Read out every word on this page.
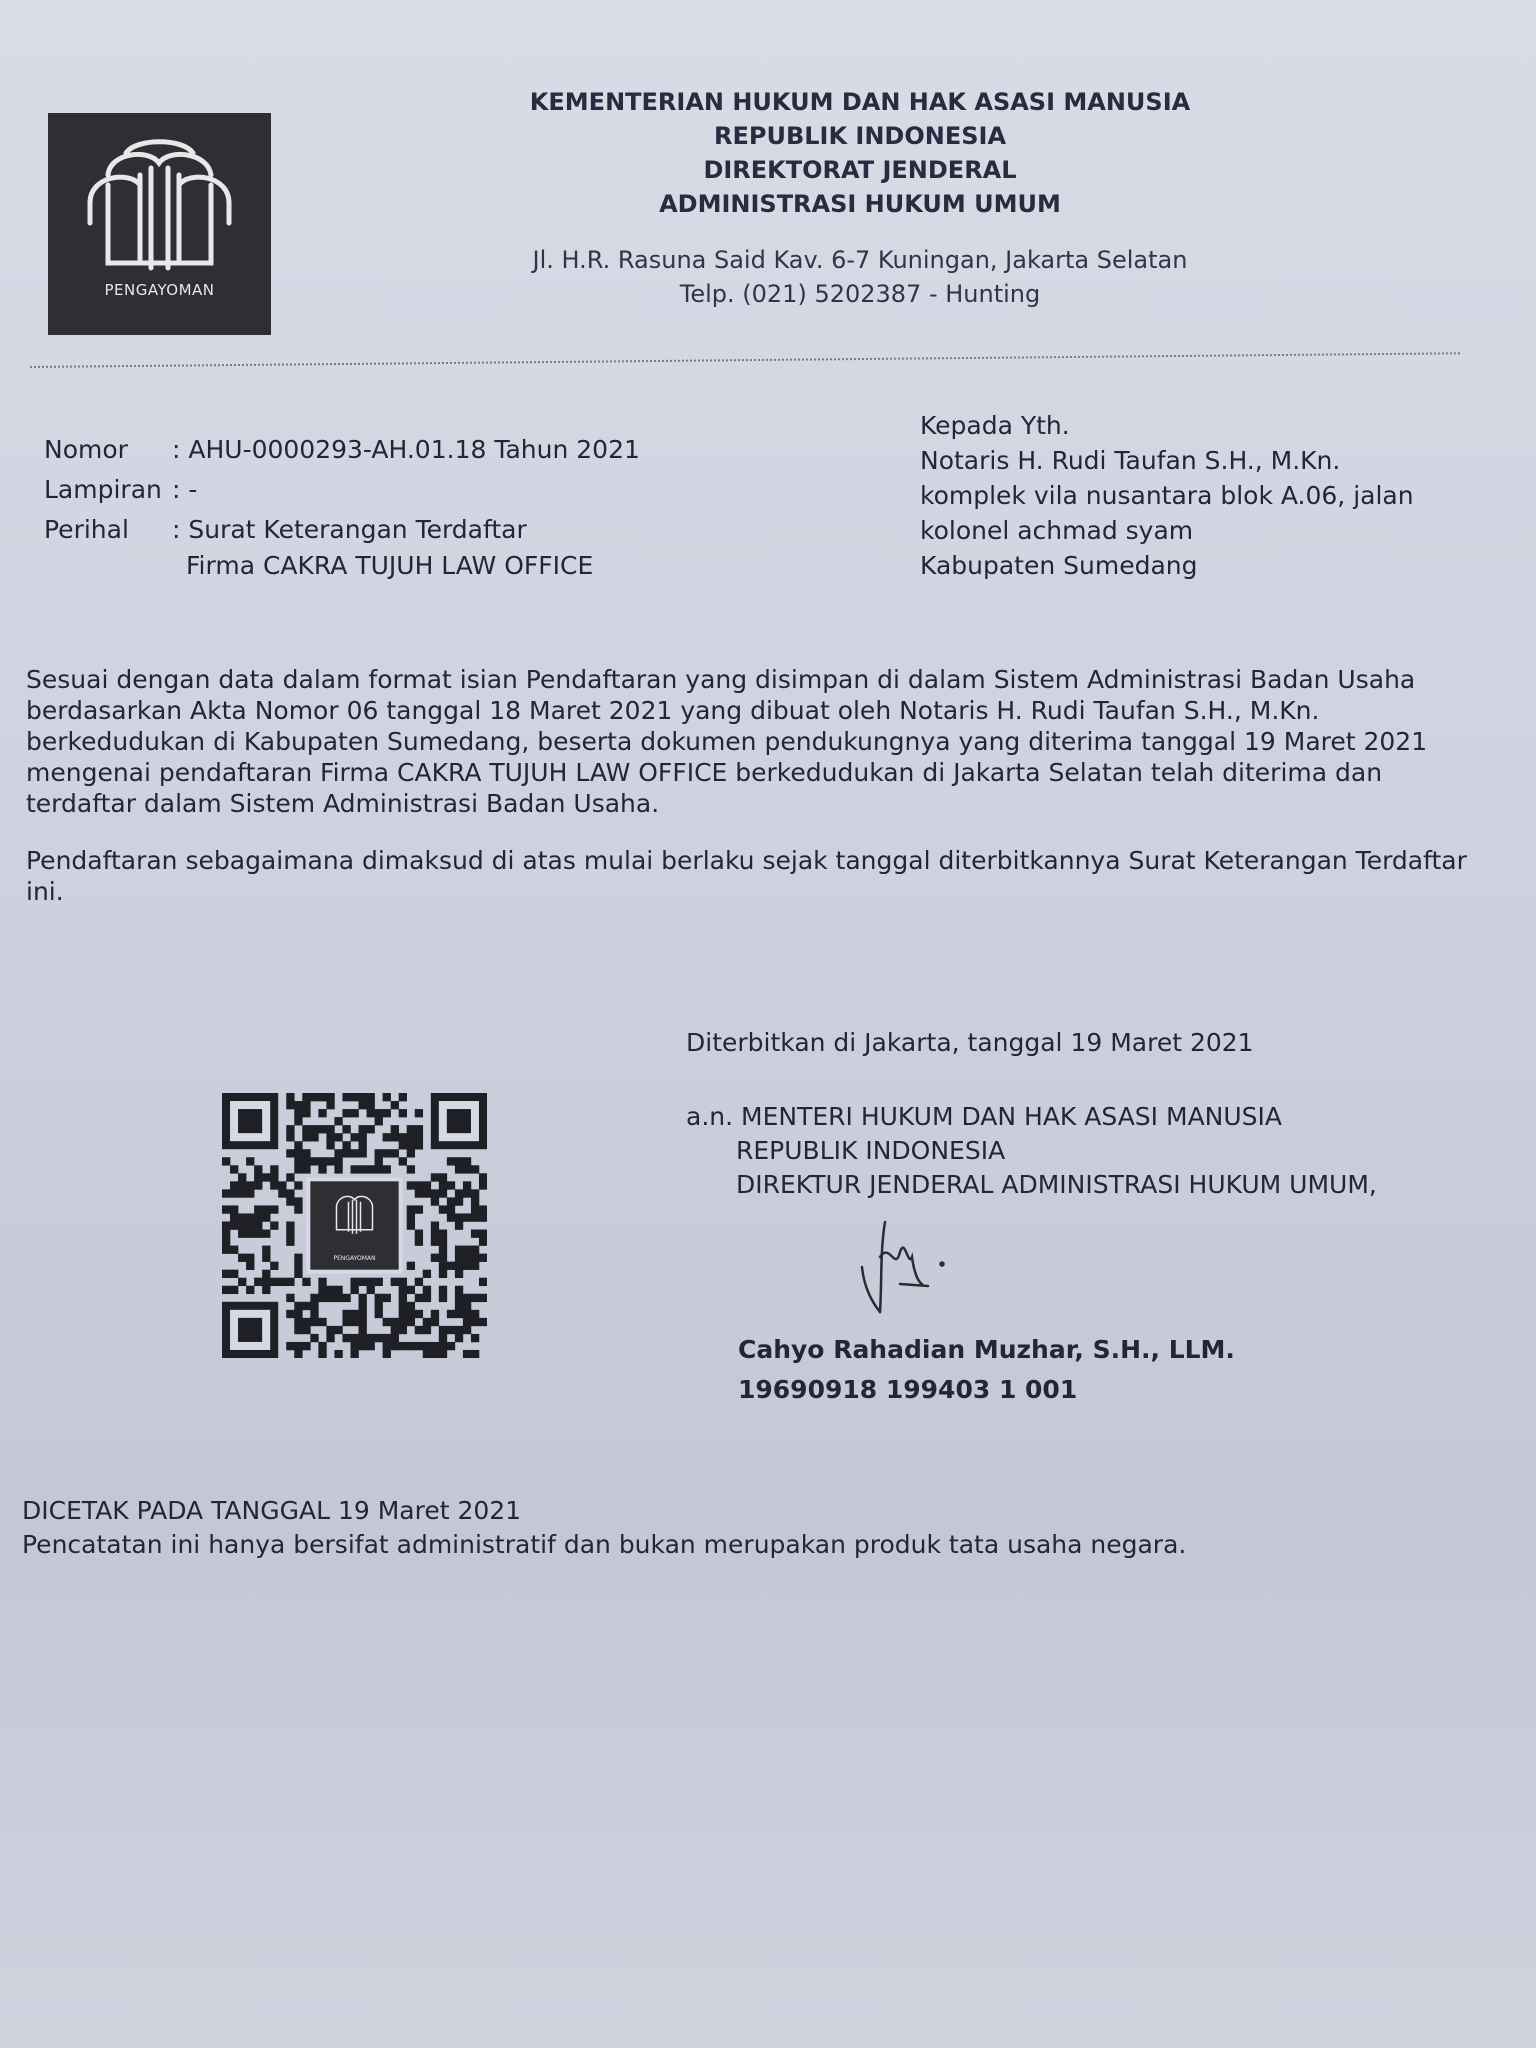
PENGAYOMAN
KEMENTERIAN HUKUM DAN HAK ASASI MANUSIA
REPUBLIK INDONESIA
DIREKTORAT JENDERAL
ADMINISTRASI HUKUM UMUM
Jl. H.R. Rasuna Said Kav. 6-7 Kuningan, Jakarta Selatan
Telp. (021) 5202387 - Hunting
Nomor	: AHU-0000293-AH.01.18 Tahun 2021
Lampiran : -
Perihal	: Surat Keterangan Terdaftar
Firma CAKRA TUJUH LAW OFFICE
Kepada Yth.
Notaris H. Rudi Taufan S.H., M.Kn.
komplek vila nusantara blok A.06, jalan
kolonel achmad syam
Kabupaten Sumedang

Sesuai dengan data dalam format isian Pendaftaran yang disimpan di dalam Sistem Administrasi Badan Usaha berdasarkan Akta Nomor 06 tanggal 18 Maret 2021 yang dibuat oleh Notaris H. Rudi Taufan S.H., M.Kn. berkedudukan di Kabupaten Sumedang, beserta dokumen pendukungnya yang diterima tanggal 19 Maret 2021 mengenai pendaftaran Firma CAKRA TUJUH LAW OFFICE berkedudukan di Jakarta Selatan telah diterima dan terdaftar dalam Sistem Administrasi Badan Usaha.

Pendaftaran sebagaimana dimaksud di atas mulai berlaku sejak tanggal diterbitkannya Surat Keterangan Terdaftar ini.

PENGAYOMAN
Diterbitkan di Jakarta, tanggal 19 Maret 2021
a.n. MENTERI HUKUM DAN HAK ASASI MANUSIA
REPUBLIK INDONESIA
DIREKTUR JENDERAL ADMINISTRASI HUKUM UMUM,
Cahyo Rahadian Muzhar, S.H., LLM.
19690918 199403 1 001
DICETAK PADA TANGGAL 19 Maret 2021
Pencatatan ini hanya bersifat administratif dan bukan merupakan produk tata usaha negara.
